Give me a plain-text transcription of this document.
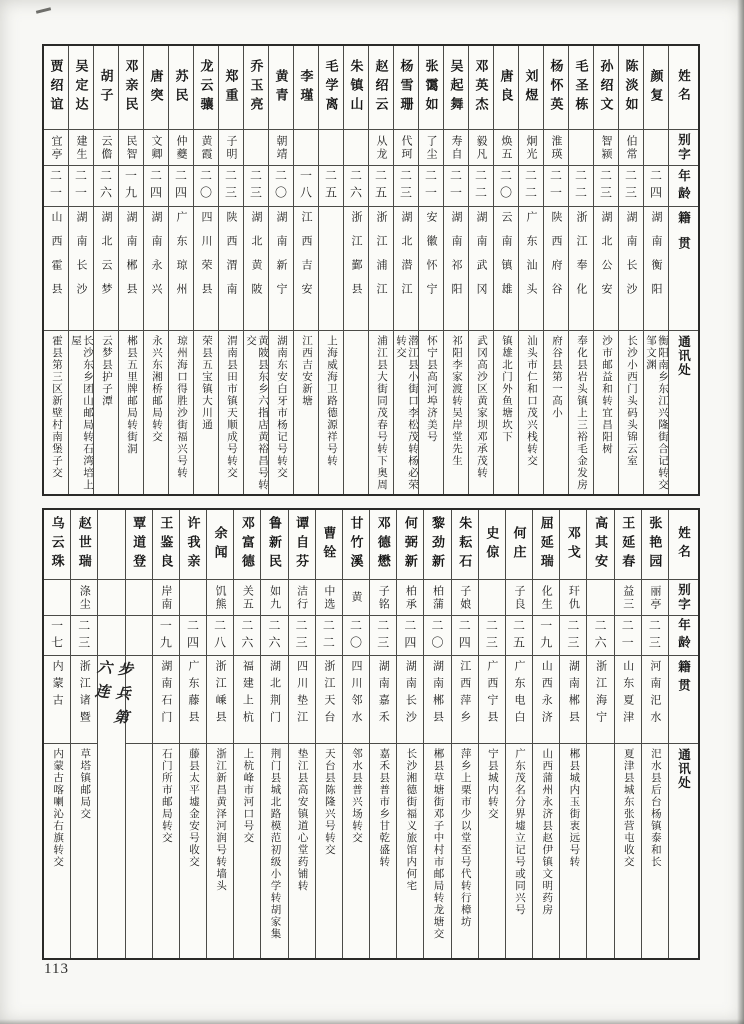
姓名
别字
年龄
籍贯
通讯处
颜复
二四
湖南衡阳
衡阳南乡东江兴隆街合记转交邹文渊
陈淡如
伯常
二三
湖南长沙
长沙小西门头码头锦云室
孙绍文
智颍
二三
湖北公安
沙市邮益和转宜昌阳树
毛圣栋
二二
浙江奉化
奉化县岩头镇上三裕毛金发房
杨怀英
淮瑛
二一
陕西府谷
府谷县第一高小
刘煜
炯光
二二
广东汕头
汕头市仁和口茂兴栈转交
唐良
焕五
二〇
云南镇雄
镇雄北门外鱼塘坎下
邓英杰
毅凡
二二
湖南武冈
武冈高沙区黄家坝邓承茂转
吴起舞
寿自
二一
湖南祁阳
祁阳李家渡转吴岸堂先生
张霭如
了尘
二一
安徽怀宁
怀宁县高河埠济美号
杨雪珊
代珂
二三
湖北潜江
潜江县小街口李松茂转杨必荣转交
赵绍云
从龙
二五
浙江浦江
浦江县大街同茂春号转下奥周
朱镇山
二六
浙江鄞县
毛学离
二五
上海威海卫路德源祥号转
李瑾
一八
江西吉安
江西吉安新塘
黄青
朝靖
二〇
湖南新宁
湖南东安白牙市杨记号转交
乔玉亮
二三
湖北黄陂
黄陂县东乡六指店黄裕昌号转交
郑重
子明
二三
陕西渭南
渭南县田市镇天顺成号转交
龙云骧
黄霞
二〇
四川荣县
荣县五宝镇大川通
苏民
仲夔
二四
广东琼州
琼州海口得胜沙街福兴号转
唐突
文卿
二四
湖南永兴
永兴东湘桥邮局转交
邓亲民
民智
一九
湖南郴县
郴县五里牌邮局转街洞
胡子
云儋
二六
湖北云梦
云梦县护子潭
吴定达
建生
二一
湖南长沙
长沙东乡团山邮局转石湾培上屋
贾绍谊
宜亭
二一
山西霍县
霍县第三区新壁村南堡子交
姓名
别字
年龄
籍贯
通讯处
张艳园
丽亭
二三
河南汜水
汜水县后台杨镇泰和长
王延春
益三
二一
山东夏津
夏津县城东张营屯收交
高其安
二六
浙江海宁
邓戈
玕仇
二三
湖南郴县
郴县城内玉街衷远号转
屈延瑞
化生
一九
山西永济
山西蒲州永济县赵伊镇文明药房
何庄
子良
二五
广东电白
广东茂名分界墟立记号或同兴号
史倞
二三
广西宁县
宁县城内转交
朱耘石
子娘
二四
江西萍乡
萍乡上栗市少以堂至号代转行樟坊
黎劲新
柏蒲
二〇
湖南郴县
郴县草塘街邓子中村市邮局转龙塘交
何弼新
柏承
二四
湖南长沙
长沙湘德街福义旅馆内何宅
邓德懋
子铭
二三
湖南嘉禾
嘉禾县普市乡甘乾盛转
甘竹溪
黄
二〇
四川邻水
邻水县普兴场转交
曹铨
中选
二二
浙江天台
天台县陈隆兴号转交
谭自芬
洁行
二三
四川垫江
垫江县高安镇道心堂药铺转
鲁新民
如九
二六
湖北荆门
荆门县城北路模范初级小学转胡家集
邓富德
关五
二六
福建上杭
上杭峰市河口号交
余闻
饥熊
二八
浙江嵊县
浙江新昌黄泽河润号转墙头
许我亲
二四
广东藤县
藤县太平墟金安号收交
王鉴良
岸南
一九
湖南石门
石门所市邮局转交
覃道登
步兵第六连
赵世瑞
涤尘
二三
浙江诸暨
草塔镇邮局交
乌云珠
一七
内蒙古
内蒙古喀喇沁右旗转交
113
